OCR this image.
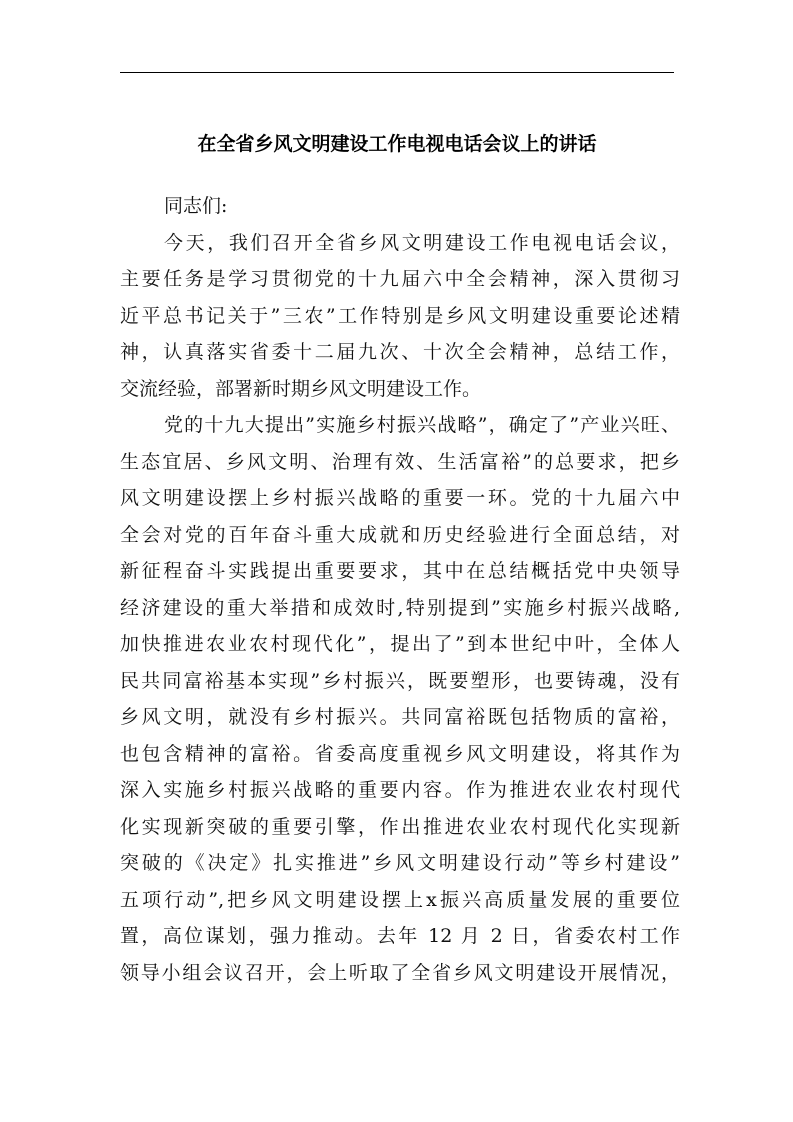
在全省乡风文明建设工作电视电话会议上的讲话
同志们:
今天，我们召开全省乡风文明建设工作电视电话会议，
主要任务是学习贯彻党的十九届六中全会精神，深入贯彻习
近平总书记关于”三农”工作特别是乡风文明建设重要论述精
神，认真落实省委十二届九次、十次全会精神，总结工作，
交流经验，部署新时期乡风文明建设工作。
党的十九大提出”实施乡村振兴战略”，确定了”产业兴旺、
生态宜居、乡风文明、治理有效、生活富裕”的总要求，把乡
风文明建设摆上乡村振兴战略的重要一环。党的十九届六中
全会对党的百年奋斗重大成就和历史经验进行全面总结，对
新征程奋斗实践提出重要要求，其中在总结概括党中央领导
经济建设的重大举措和成效时,特别提到”实施乡村振兴战略,
加快推进农业农村现代化”，提出了”到本世纪中叶，全体人
民共同富裕基本实现”乡村振兴，既要塑形，也要铸魂，没有
乡风文明，就没有乡村振兴。共同富裕既包括物质的富裕，
也包含精神的富裕。省委高度重视乡风文明建设，将其作为
深入实施乡村振兴战略的重要内容。作为推进农业农村现代
化实现新突破的重要引擎，作出推进农业农村现代化实现新
突破的《决定》扎实推进”乡风文明建设行动”等乡村建设”
五项行动”,把乡风文明建设摆上x振兴高质量发展的重要位
置，高位谋划，强力推动。去年 12 月 2 日，省委农村工作
领导小组会议召开，会上听取了全省乡风文明建设开展情况，
